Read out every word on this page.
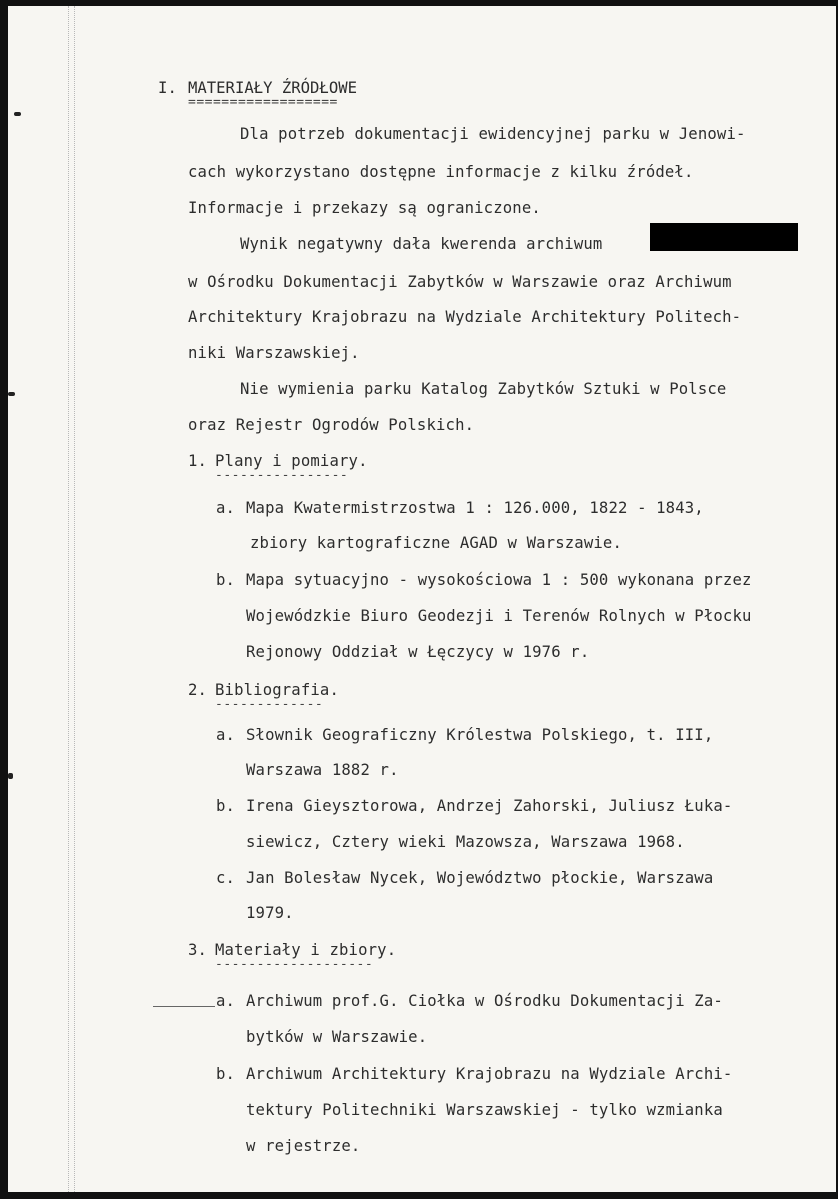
I. MATERIAŁY ŹRÓDŁOWE
==================
Dla potrzeb dokumentacji ewidencyjnej parku w Jenowi-
cach wykorzystano dostępne informacje z kilku źródeł.
Informacje i przekazy są ograniczone.
Wynik negatywny dała kwerenda archiwum
w Ośrodku Dokumentacji Zabytków w Warszawie oraz Archiwum
Architektury Krajobrazu na Wydziale Architektury Politech-
niki Warszawskiej.
Nie wymienia parku Katalog Zabytków Sztuki w Polsce
oraz Rejestr Ogrodów Polskich.
1. Plany i pomiary.
----------------
a. Mapa Kwatermistrzostwa 1 : 126.000, 1822 - 1843,
zbiory kartograficzne AGAD w Warszawie.
b. Mapa sytuacyjno - wysokościowa 1 : 500 wykonana przez
Wojewódzkie Biuro Geodezji i Terenów Rolnych w Płocku
Rejonowy Oddział w Łęczycy w 1976 r.
2. Bibliografia.
-------------
a. Słownik Geograficzny Królestwa Polskiego, t. III,
Warszawa 1882 r.
b. Irena Gieysztorowa, Andrzej Zahorski, Juliusz Łuka-
siewicz, Cztery wieki Mazowsza, Warszawa 1968.
c. Jan Bolesław Nycek, Województwo płockie, Warszawa
1979.
3. Materiały i zbiory.
-------------------
a. Archiwum prof.G. Ciołka w Ośrodku Dokumentacji Za-
bytków w Warszawie.
b. Archiwum Architektury Krajobrazu na Wydziale Archi-
tektury Politechniki Warszawskiej - tylko wzmianka
w rejestrze.
